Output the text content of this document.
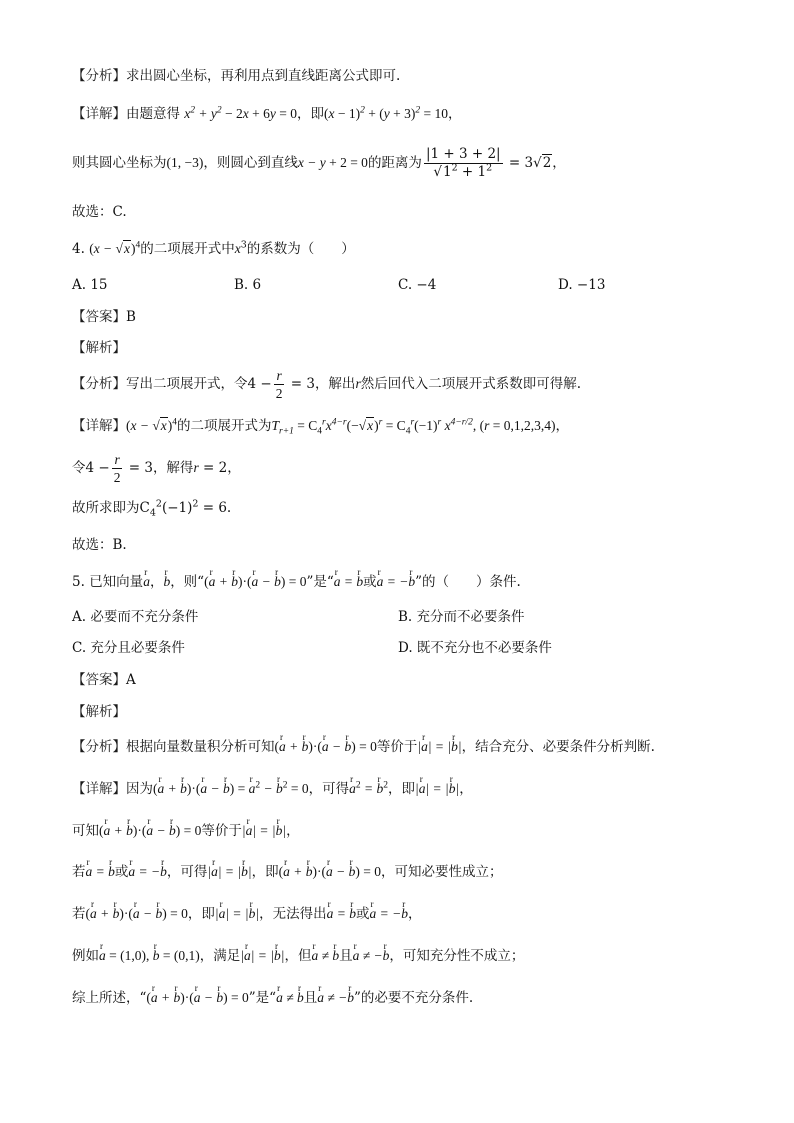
【分析】求出圆心坐标，再利用点到直线距离公式即可.
【详解】由题意得 $x^2 + y^2 - 2x + 6y = 0$，即$(x - 1)^2 + (y + 3)^2 = 10$，
则其圆心坐标为(1, −3)，则圆心到直线x − y + 2 = 0的距离为 $\frac{|1 + 3 + 2|}{√1^2 + 1^2} = 3√2$，
故选：C.
4. $(x - √x)^4$的二项展开式中$x^3$的系数为（　　）
A. 15	B. 6	C. −4	D. −13
【答案】B
【解析】
【分析】写出二项展开式，令$4 - \frac{r}{2} = 3$，解出r然后回代入二项展开式系数即可得解.
【详解】$(x - √x)^4$的二项展开式为$T_{r+1} = C_4^rx^{4-r}(-√x)^r = C_4^r(-1)^r$ $x^{4-r/2}$, (r = 0,1,2,3,4)，
令$4 - \frac{r}{2} = 3$，解得r = 2，
故所求即为$C_4^2(-1)^2 = 6$.
故选：B.
5. 已知向量r a，r b，则“(r a + r b)·(r a − r b) = 0”是“r a = r b或r a = −r b”的（　　）条件.
A. 必要而不充分条件	B. 充分而不必要条件
C. 充分且必要条件	D. 既不充分也不必要条件
【答案】A
【解析】
【分析】根据向量数量积分析可知(r a + r b)·(r a − r b) = 0等价于|r a| = |r b|，结合充分、必要条件分析判断.
【详解】因为(r a + r b)·(r a − r b) = r $a^2 - r$ $b^2 = 0$，可得r $a^2 = r$ $b^2$，即|r a| = |r b|，
可知(r a + r b)·(r a − r b) = 0等价于|r a| = |r b|，
若r a = r b或r a = −r b，可得|r a| = |r b|，即(r a + r b)·(r a − r b) = 0，可知必要性成立；
若(r a + r b)·(r a − r b) = 0，即|r a| = |r b|，无法得出r a = r b或r a = −r b，
例如r a = (1,0), r b = (0,1)，满足|r a| = |r b|，但r a ≠ r b且r a ≠ −r b，可知充分性不成立；
综上所述，“(r a + r b)·(r a − r b) = 0”是“r a ≠ r b且r a ≠ −r b”的必要不充分条件.
